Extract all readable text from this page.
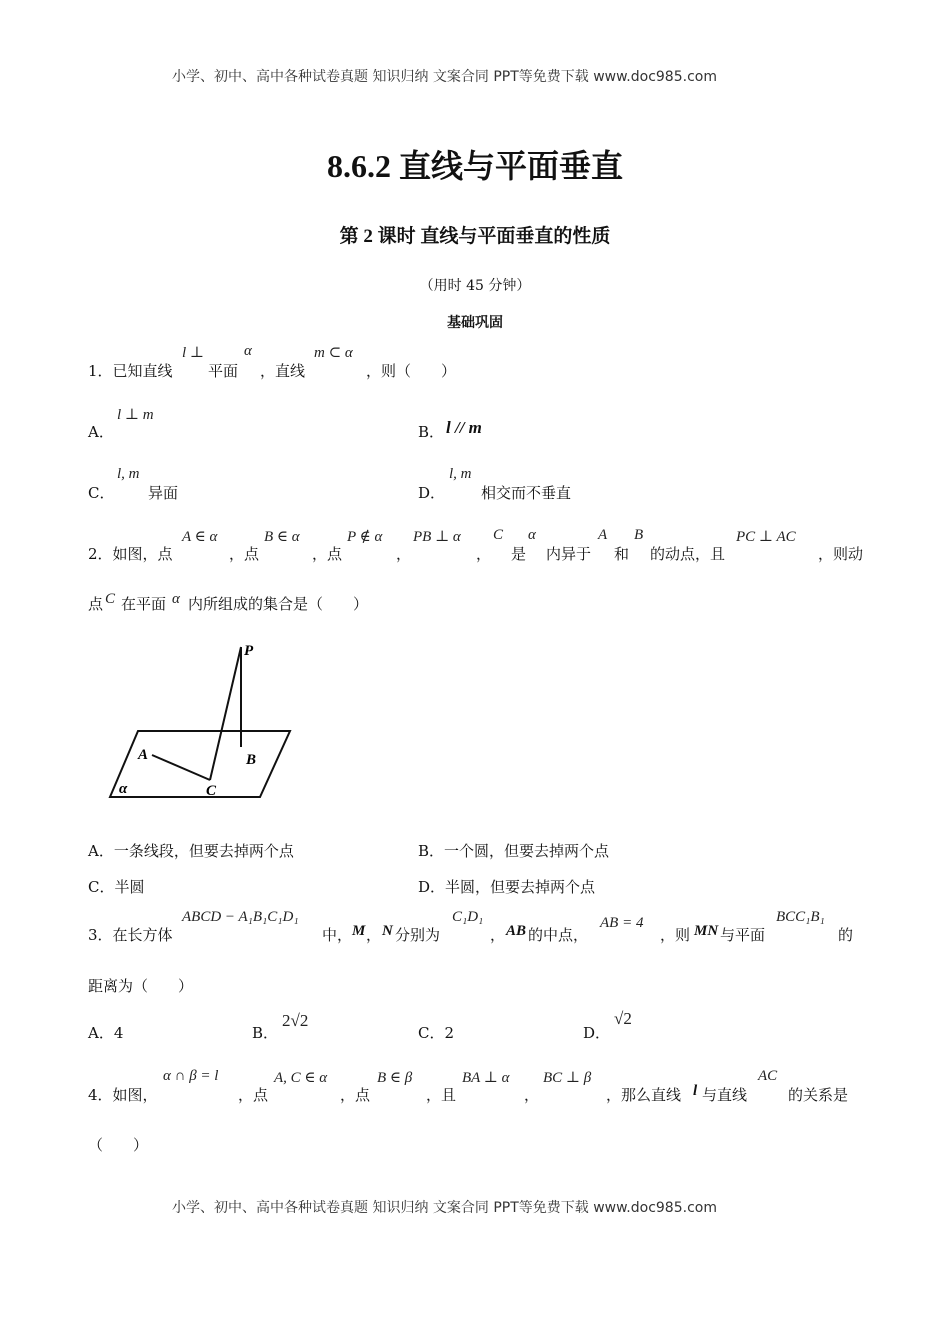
小学、初中、高中各种试卷真题 知识归纳 文案合同 PPT等免费下载 www.doc985.com
8.6.2 直线与平面垂直
第 2 课时 直线与平面垂直的性质
（用时 45 分钟）
基础巩固
1．已知直线
l ⊥
平面
α
，直线
m ⊂ α
，则（　　）
A．
l ⊥ m
B． l // m
C．
l, m
异面	D．
l, m
相交而不垂直
2．如图，点
A ∈ α
，点
B ∈ α
，点
P ∉ α
，
PB ⊥ α
，
C
是
α
内异于
A
和
B
的动点，且
PC ⊥ AC
，则动
点 C 在平面 α 内所组成的集合是（　　）
P
A	B
C
α
A．一条线段，但要去掉两个点	B．一个圆，但要去掉两个点
C．半圆	D．半圆，但要去掉两个点
3．在长方体
ABCD − A₁B₁C₁D₁
中， M ， N 分别为
C₁D₁
， AB 的中点，
AB = 4
，则 MN 与平面
BCC₁B₁
的
距离为（　　）
A．4	B．
2√2
C．2	D．
√2
4．如图，
α ∩ β = l
，点
A, C ∈ α
，点
B ∈ β
，且
BA ⊥ α
，
BC ⊥ β
，那么直线 l 与直线
AC
的关系是
（　　）
小学、初中、高中各种试卷真题 知识归纳 文案合同 PPT等免费下载 www.doc985.com
